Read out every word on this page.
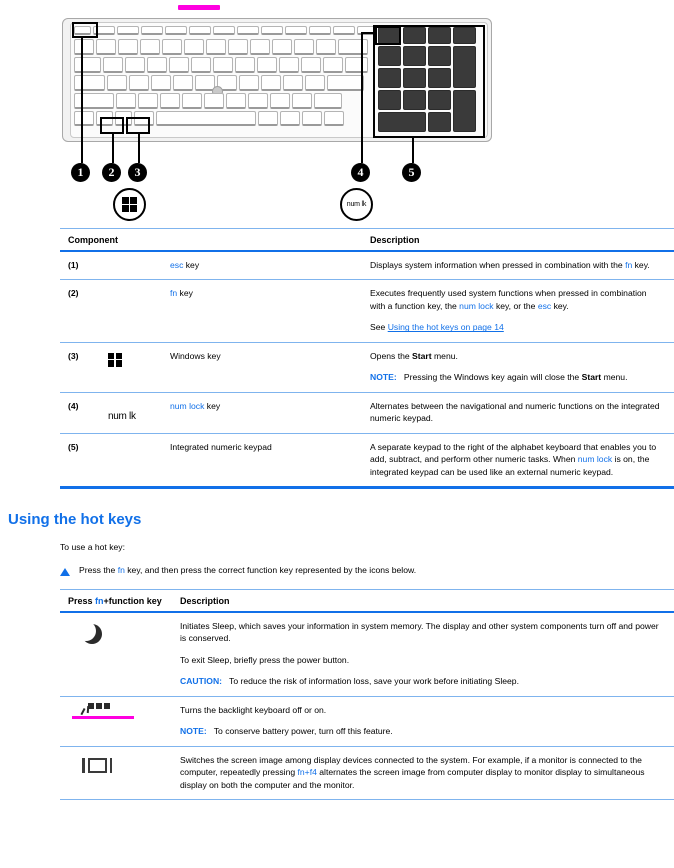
1	2	3	4	5
num lk
Component			Description
(1)		esc key	Displays system information when pressed in combination with the fn key.

(2)		fn key	Executes frequently used system functions when pressed in combination with a function key, the num lock key, or the esc key.

See Using the hot keys on page 14

(3)		Windows key	Opens the Start menu.

NOTE:   Pressing the Windows key again will close the Start menu.

(4)	num lk	num lock key	Alternates between the navigational and numeric functions on the integrated numeric keypad.

(5)		Integrated numeric keypad	A separate keypad to the right of the alphabet keyboard that enables you to add, subtract, and perform other numeric tasks. When num lock is on, the integrated keypad can be used like an external numeric keypad.

Using the hot keys
To use a hot key:
Press the fn key, and then press the correct function key represented by the icons below.
Press fn+function key	Description

	Initiates Sleep, which saves your information in system memory. The display and other system components turn off and power is conserved.

To exit Sleep, briefly press the power button.

CAUTION:   To reduce the risk of information loss, save your work before initiating Sleep.

	Turns the backlight keyboard off or on.

NOTE:   To conserve battery power, turn off this feature.

	Switches the screen image among display devices connected to the system. For example, if a monitor is connected to the computer, repeatedly pressing fn+f4 alternates the screen image from computer display to monitor display to simultaneous display on both the computer and the monitor.
